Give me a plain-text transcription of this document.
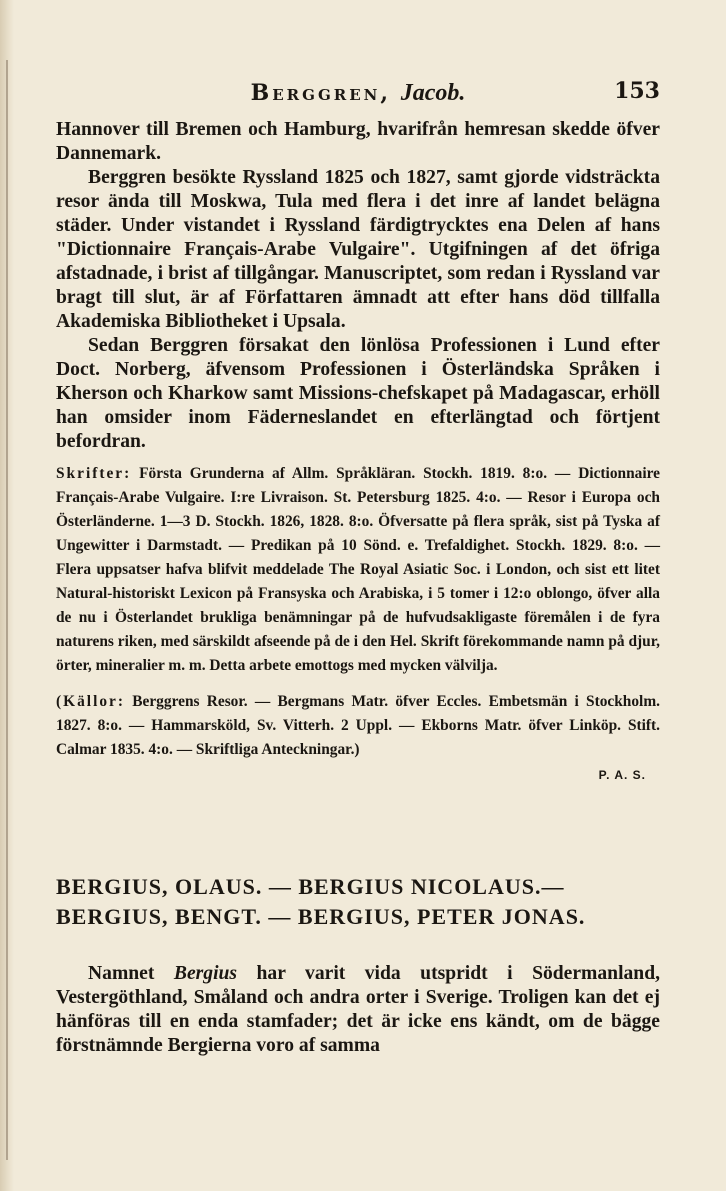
Berggren, Jacob.	153

Hannover till Bremen och Hamburg, hvarifrån hemresan skedde öfver Dannemark.

Berggren besökte Ryssland 1825 och 1827, samt gjorde vidsträckta resor ända till Moskwa, Tula med flera i det inre af landet belägna städer. Under vistandet i Ryssland färdigtrycktes ena Delen af hans "Dictionnaire Français-Arabe Vulgaire". Utgifningen af det öfriga afstadnade, i brist af tillgångar. Manuscriptet, som redan i Ryssland var bragt till slut, är af Författaren ämnadt att efter hans död tillfalla Akademiska Bibliotheket i Upsala.

Sedan Berggren försakat den lönlösa Professionen i Lund efter Doct. Norberg, äfvensom Professionen i Österländska Språken i Kherson och Kharkow samt Missions-chefskapet på Madagascar, erhöll han omsider inom Fäderneslandet en efterlängtad och förtjent befordran.

Skrifter: Första Grunderna af Allm. Språkläran. Stockh. 1819. 8:o. — Dictionnaire Français-Arabe Vulgaire. I:re Livraison. St. Petersburg 1825. 4:o. — Resor i Europa och Österländerne. 1—3 D. Stockh. 1826, 1828. 8:o. Öfversatte på flera språk, sist på Tyska af Ungewitter i Darmstadt. — Predikan på 10 Sönd. e. Trefaldighet. Stockh. 1829. 8:o. — Flera uppsatser hafva blifvit meddelade The Royal Asiatic Soc. i London, och sist ett litet Natural-historiskt Lexicon på Fransyska och Arabiska, i 5 tomer i 12:o oblongo, öfver alla de nu i Österlandet brukliga benämningar på de hufvudsakligaste föremålen i de fyra naturens riken, med särskildt afseende på de i den Hel. Skrift förekommande namn på djur, örter, mineralier m. m. Detta arbete emottogs med mycken välvilja.

(Källor: Berggrens Resor. — Bergmans Matr. öfver Eccles. Embetsmän i Stockholm. 1827. 8:o. — Hammarsköld, Sv. Vitterh. 2 Uppl. — Ekborns Matr. öfver Linköp. Stift. Calmar 1835. 4:o. — Skriftliga Anteckningar.)

P. A. S.
BERGIUS, OLAUS. — BERGIUS NICOLAUS.— BERGIUS, BENGT. — BERGIUS, PETER JONAS.

Namnet Bergius har varit vida utspridt i Södermanland, Vestergöthland, Småland och andra orter i Sverige. Troligen kan det ej hänföras till en enda stamfader; det är icke ens kändt, om de bägge förstnämnde Bergierna voro af samma
